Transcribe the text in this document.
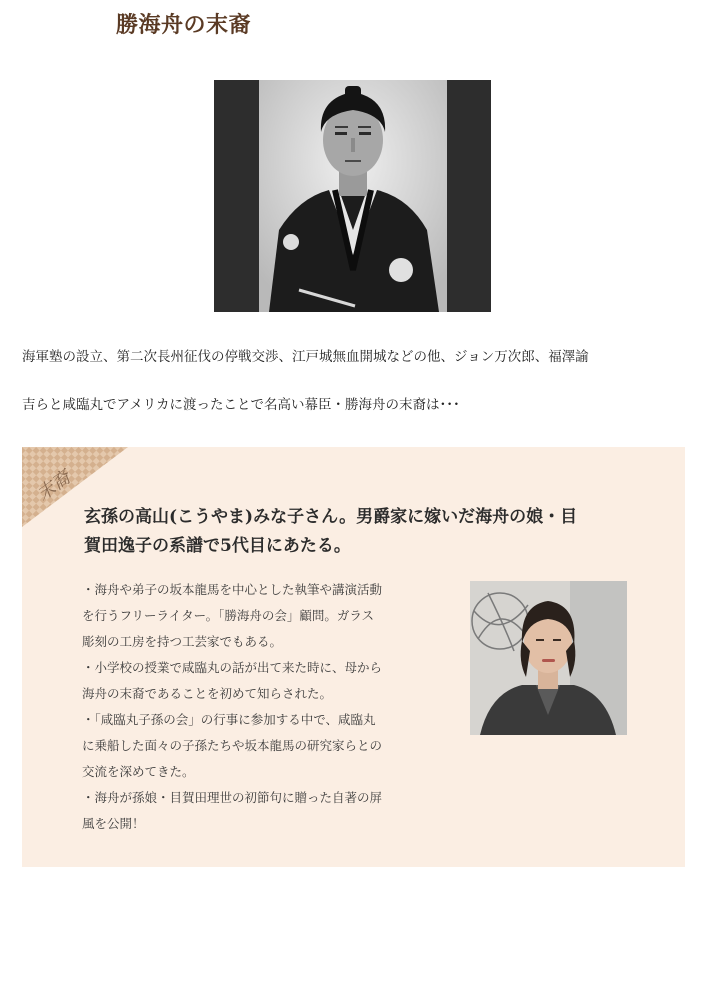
勝海舟の末裔
海軍塾の設立、第二次長州征伐の停戦交渉、江戸城無血開城などの他、ジョン万次郎、福澤諭
吉らと咸臨丸でアメリカに渡ったことで名高い幕臣・勝海舟の末裔は･･･
末裔
玄孫の高山(こうやま)みな子さん。男爵家に嫁いだ海舟の娘・目
賀田逸子の系譜で5代目にあたる。

・海舟や弟子の坂本龍馬を中心とした執筆や講演活動

を行うフリーライター。「勝海舟の会」顧問。ガラス

彫刻の工房を持つ工芸家でもある。

・小学校の授業で咸臨丸の話が出て来た時に、母から

海舟の末裔であることを初めて知らされた。

・「咸臨丸子孫の会」の行事に参加する中で、咸臨丸

に乗船した面々の子孫たちや坂本龍馬の研究家らとの

交流を深めてきた。

・海舟が孫娘・目賀田理世の初節句に贈った自著の屏

風を公開！
